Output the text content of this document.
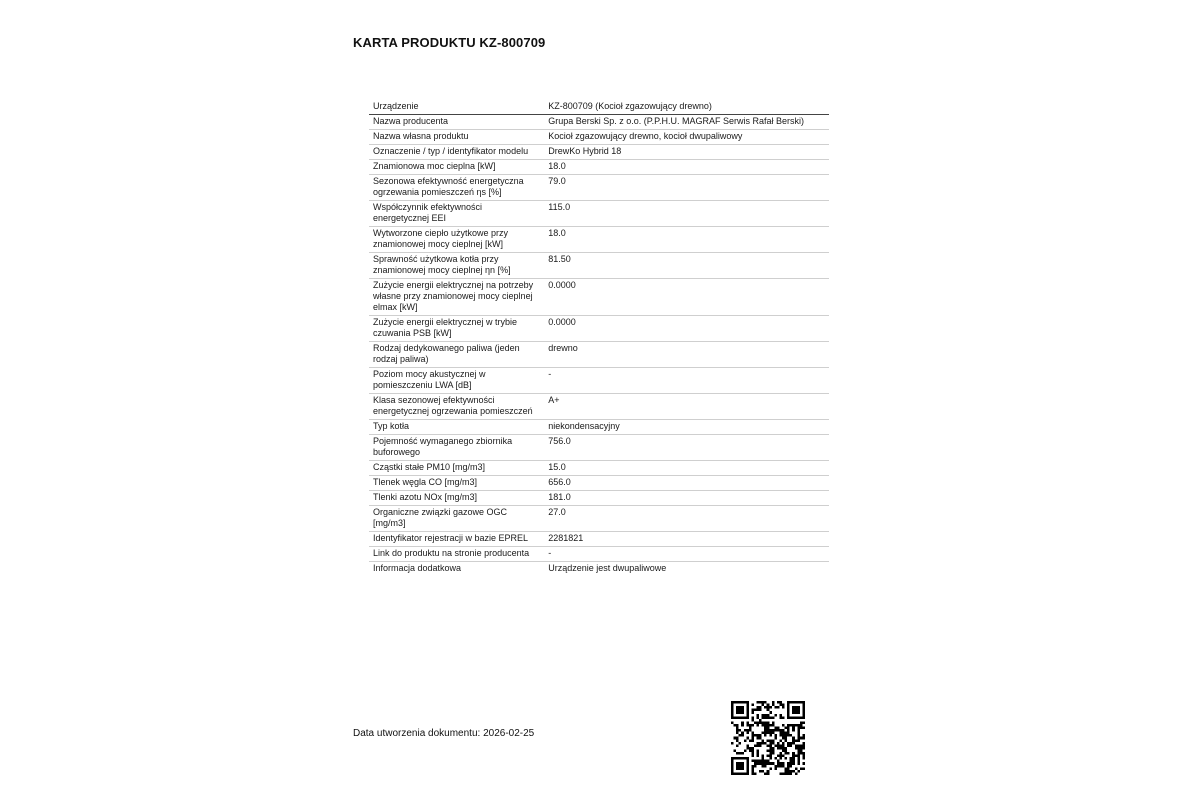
KARTA PRODUKTU KZ-800709
Urządzenie	KZ-800709 (Kocioł zgazowujący drewno)
Nazwa producenta	Grupa Berski Sp. z o.o. (P.P.H.U. MAGRAF Serwis Rafał Berski)
Nazwa własna produktu	Kocioł zgazowujący drewno, kocioł dwupaliwowy
Oznaczenie / typ / identyfikator modelu	DrewKo Hybrid 18
Znamionowa moc cieplna [kW]	18.0
Sezonowa efektywność energetyczna ogrzewania pomieszczeń ηs [%]	79.0
Współczynnik efektywności energetycznej EEI	115.0
Wytworzone ciepło użytkowe przy znamionowej mocy cieplnej [kW]	18.0
Sprawność użytkowa kotła przy znamionowej mocy cieplnej ηn [%]	81.50
Zużycie energii elektrycznej na potrzeby własne przy znamionowej mocy cieplnej elmax [kW]	0.0000
Zużycie energii elektrycznej w trybie czuwania PSB [kW]	0.0000
Rodzaj dedykowanego paliwa (jeden rodzaj paliwa)	drewno
Poziom mocy akustycznej w pomieszczeniu LWA [dB]	-
Klasa sezonowej efektywności energetycznej ogrzewania pomieszczeń	A+
Typ kotła	niekondensacyjny
Pojemność wymaganego zbiornika buforowego	756.0
Cząstki stałe PM10 [mg/m3]	15.0
Tlenek węgla CO [mg/m3]	656.0
Tlenki azotu NOx [mg/m3]	181.0
Organiczne związki gazowe OGC [mg/m3]	27.0
Identyfikator rejestracji w bazie EPREL	2281821
Link do produktu na stronie producenta	-
Informacja dodatkowa	Urządzenie jest dwupaliwowe
Data utworzenia dokumentu: 2026-02-25
